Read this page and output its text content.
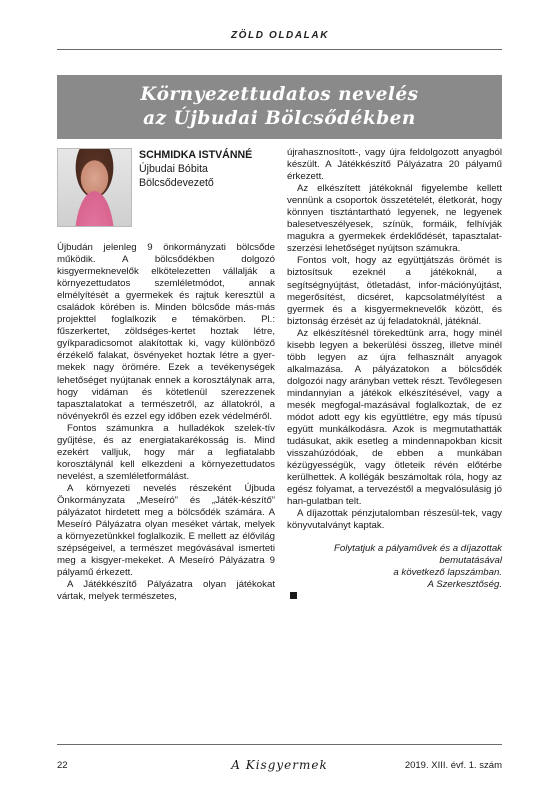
ZÖLD OLDALAK
Környezettudatos nevelés
az Újbudai Bölcsődékben
SCHMIDKA ISTVÁNNÉ
Újbudai Bóbita
Bölcsődevezető

Újbudán jelenleg 9 önkormányzati bölcsőde működik. A bölcsődékben dolgozó kisgyermeknevelők elkötelezetten vállalják a környezettudatos szemléletmódot, annak elmélyítését a gyermekek és rajtuk keresztül a családok körében is. Minden bölcsőde más-más projekttel foglalkozik e témakörben. Pl.: fűszerkertet, zöldséges-kertet hoztak létre, gyíkparadicsomot alakítottak ki, vagy különböző érzékelő falakat, ösvényeket hoztak létre a gyer-mekek nagy örömére. Ezek a tevékenységek lehetőséget nyújtanak ennek a korosztálynak arra, hogy vidáman és kötetlenül szerezzenek tapasztalatokat a természetről, az állatokról, a növényekről és ezzel egy időben ezek védelméről.

Fontos számunkra a hulladékok szelek-tív gyűjtése, és az energiatakarékosság is. Mind ezekért valljuk, hogy már a legfiatalabb korosztálynál kell elkezdeni a környezettudatos nevelést, a szemléletformálást.

A környezeti nevelés részeként Újbuda Önkormányzata „Meseíró” és „Játék-készítő” pályázatot hirdetett meg a bölcsődék számára. A Meseíró Pályázatra olyan meséket vártak, melyek a környezetünkkel foglalkozik. E mellett az élővilág szépségeivel, a természet megóvásával ismerteti meg a kisgyer-mekeket. A Meseíró Pályázatra 9 pályamű érkezett.

A Játékkészítő Pályázatra olyan játékokat vártak, melyek természetes,

újrahasznosított-, vagy újra feldolgozott anyagból készült. A Játékkészítő Pályázatra 20 pályamű érkezett.

Az elkészített játékoknál figyelembe kellett vennünk a csoportok összetételét, életkorát, hogy könnyen tisztántartható legyenek, ne legyenek balesetveszélyesek, színük, formáik, felhívják magukra a gyermekek érdeklődését, tapasztalat-szerzési lehetőséget nyújtson számukra.

Fontos volt, hogy az együttjátszás örömét is biztosítsuk ezeknél a játékoknál, a segítségnyújtást, ötletadást, infor-mációnyújtást, megerősítést, dicséret, kapcsolatmélyítést a gyermek és a kisgyermeknevelők között, és biztonság érzését az új feladatoknál, játéknál.

Az elkészítésnél törekedtünk arra, hogy minél kisebb legyen a bekerülési összeg, illetve minél több legyen az újra felhasznált anyagok alkalmazása. A pályázatokon a bölcsődék dolgozói nagy arányban vettek részt. Tevőlegesen mindannyian a játékok elkészítésével, vagy a mesék megfogal-mazásával foglalkoztak, de ez módot adott egy kis együttlétre, egy más típusú együtt munkálkodásra. Azok is megmutathatták tudásukat, akik esetleg a mindennapokban kicsit visszahúzódóak, de ebben a munkában kézügyességük, vagy ötleteik révén előtérbe kerülhettek. A kollégák beszámoltak róla, hogy az egész folyamat, a tervezéstől a megvalósulásig jó han-gulatban telt.

A díjazottak pénzjutalomban részesül-tek, vagy könyvutalványt kaptak.

Folytatjuk a pályaművek és a díjazottak
bemutatásával
a következő lapszámban.
A Szerkesztőség.
22	A Kisgyermek	2019. XIII. évf. 1. szám
